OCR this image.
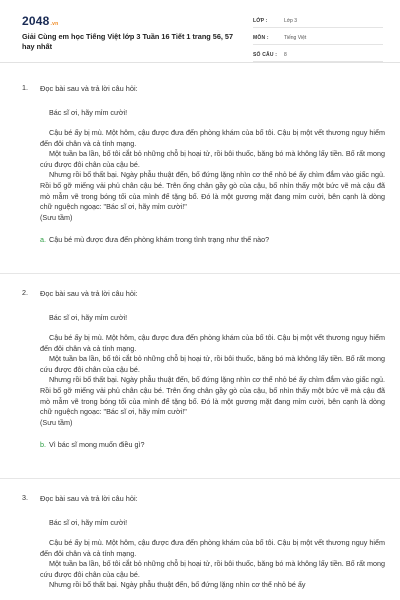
2048.vn
Giải Cùng em học Tiếng Việt lớp 3 Tuần 16 Tiết 1 trang 56, 57 hay nhất
LỚP :	Lớp 3
MÔN :	Tiếng Việt
SỐ CÂU :	8
1. Đọc bài sau và trả lời câu hỏi:

Bác sĩ ơi, hãy mỉm cười!

Cậu bé ấy bị mù. Một hôm, cậu được đưa đến phòng khám của bố tôi. Cậu bị một vết thương nguy hiểm đến đôi chân và cả tính mạng.

Một tuần ba lần, bố tôi cắt bỏ những chỗ bị hoại tử, rồi bôi thuốc, băng bó mà không lấy tiền. Bố rất mong cứu được đôi chân của cậu bé.

Nhưng rồi bố thất bại. Ngày phẫu thuật đến, bố đứng lặng nhìn cơ thể nhỏ bé ấy chìm đắm vào giấc ngủ. Rồi bố gỡ miếng vải phủ chân cậu bé. Trên ống chân gầy gò của cậu, bố nhìn thấy một bức vẽ mà cậu đã mò mẫm vẽ trong bóng tối của mình để tặng bố. Đó là một gương mặt đang mỉm cười, bên cạnh là dòng chữ nguệch ngoạc: "Bác sĩ ơi, hãy mỉm cười!"

(Sưu tầm)

a. Cậu bé mù được đưa đến phòng khám trong tình trạng như thế nào?
2. Đọc bài sau và trả lời câu hỏi:

Bác sĩ ơi, hãy mỉm cười!

Cậu bé ấy bị mù. Một hôm, cậu được đưa đến phòng khám của bố tôi. Cậu bị một vết thương nguy hiểm đến đôi chân và cả tính mạng.

Một tuần ba lần, bố tôi cắt bỏ những chỗ bị hoại tử, rồi bôi thuốc, băng bó mà không lấy tiền. Bố rất mong cứu được đôi chân của cậu bé.

Nhưng rồi bố thất bại. Ngày phẫu thuật đến, bố đứng lặng nhìn cơ thể nhỏ bé ấy chìm đắm vào giấc ngủ. Rồi bố gỡ miếng vải phủ chân cậu bé. Trên ống chân gầy gò của cậu, bố nhìn thấy một bức vẽ mà cậu đã mò mẫm vẽ trong bóng tối của mình để tặng bố. Đó là một gương mặt đang mỉm cười, bên cạnh là dòng chữ nguệch ngoạc: "Bác sĩ ơi, hãy mỉm cười!"

(Sưu tầm)

b. Vì bác sĩ mong muốn điều gì?
3. Đọc bài sau và trả lời câu hỏi:

Bác sĩ ơi, hãy mỉm cười!

Cậu bé ấy bị mù. Một hôm, cậu được đưa đến phòng khám của bố tôi. Cậu bị một vết thương nguy hiểm đến đôi chân và cả tính mạng.

Một tuần ba lần, bố tôi cắt bỏ những chỗ bị hoại tử, rồi bôi thuốc, băng bó mà không lấy tiền. Bố rất mong cứu được đôi chân của cậu bé.

Nhưng rồi bố thất bại. Ngày phẫu thuật đến, bố đứng lặng nhìn cơ thể nhỏ bé ấy
